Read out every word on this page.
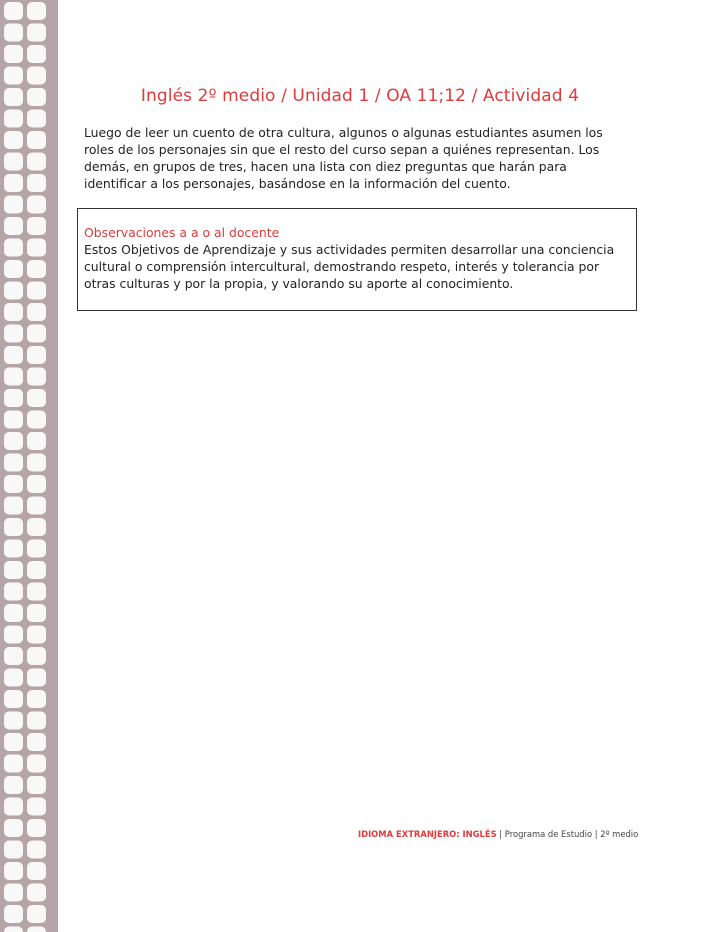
Inglés 2º medio / Unidad 1 / OA 11;12 / Actividad 4

Luego de leer un cuento de otra cultura, algunos o algunas estudiantes asumen los roles de los personajes sin que el resto del curso sepan a quiénes representan. Los demás, en grupos de tres, hacen una lista con diez preguntas que harán para identificar a los personajes, basándose en la información del cuento.

Observaciones a a o al docente

Estos Objetivos de Aprendizaje y sus actividades permiten desarrollar una conciencia cultural o comprensión intercultural, demostrando respeto, interés y tolerancia por otras culturas y por la propia, y valorando su aporte al conocimiento.

IDIOMA EXTRANJERO: INGLÉS | Programa de Estudio | 2º medio
